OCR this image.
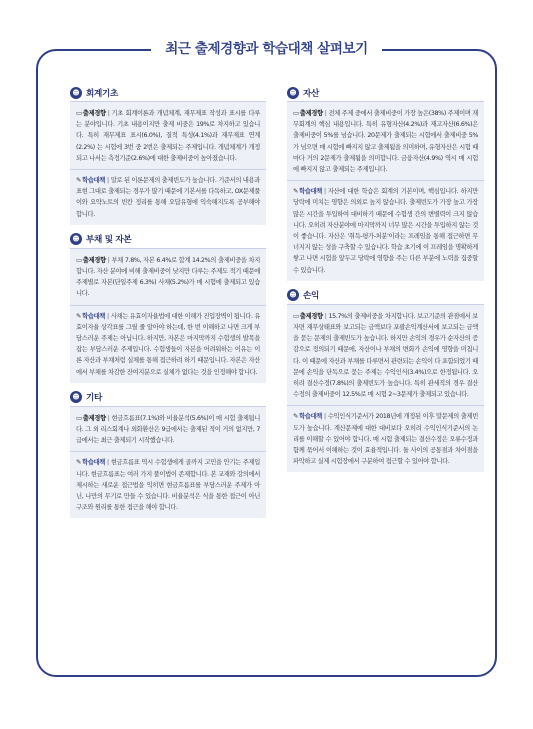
최근 출제경향과 학습대책 살펴보기
☻ 회계기초

▭출제경향 | 기초 회계이론과 개념체계, 재무제표 작성과 표시를 다루는 분야입니다. 기초 내용이지만 출제 비중은 19%로 차지하고 있습니다. 특히 재무제표 표시(6.0%), 질적 특성(4.1%)과 재무제표 연계(2.2%) 는 시험에 3번 중 2번은 출제되는 주제입니다. 개념체계가 개정되고 나서는 측정기준(2.6%)에 대한 출제비중이 높아졌습니다.

✎학습대책 | 말로 된 이론문제의 출제빈도가 높습니다. 기준서의 내용과 표현 그대로 출제되는 경우가 많기 때문에 기본서를 다독하고, OX문제풀이와 요약노트의 빈칸 정리를 통해 오답유형에 익숙해지도록 공부해야 합니다.

☻ 부채 및 자본

▭출제경향 | 부채 7.8%, 자본 6.4%로 합계 14.2%의 출제비중을 차지합니다. 자산 분야에 비해 출제비중이 낮지만 다루는 주제도 적기 때문에 주제별로 자본(단일주제 6.3%) 사채(5.2%)가 매 시험에 출제되고 있습니다.

✎학습대책 | 사채는 유효이자율법에 대한 이해가 진입장벽이 됩니다. 유효이자율 상각표를 그릴 줄 알아야 하는데, 한 번 이해하고 나면 크게 부담스러운 주제는 아닙니다. 하지만, 자본은 마지막까지 수험생의 발목을 잡는 부담스러운 주제입니다. 수험생들이 자본을 어려워하는 이유는 이론 자산과 부채처럼 실체를 통해 접근하려 하기 때문입니다. 자본은 자산에서 부채를 차감한 잔여지분으로 실체가 없다는 것을 인정해야 합니다.

☻ 기타

▭출제경향 | 현금흐름표(7.1%)와 비율분석(5.6%)이 매 시험 출제됩니다. 그 외 리스회계나 외화환산은 9급에서는 출제된 적이 거의 없지만, 7급에서는 최근 출제되기 시작했습니다.

✎학습대책 | 현금흐름표 역시 수험생에게 골까지 고민을 안기는 주제입니다. 현금흐름표는 여러 가지 풀이법이 존재합니다. 본 교재와 강의에서 제시하는 새로운 접근법을 익히면 현금흐름표를 부담스러운 주제가 아닌, 나만의 무기로 만들 수 있습니다. 비율분석은 식을 통한 접근이 아닌 구조와 원리를 통한 접근을 해야 합니다.

☻ 자산

▭출제경향 | 전체 주제 중에서 출제비중이 가장 높은(38%) 주제이며 재무회계의 핵심 내용입니다. 특히 유형자산(4.2%)과 재고자산(6.6%)은 출제비중이 5%를 넘습니다. 20문제가 출제되는 시험에서 출제비중 5%가 넘으면 매 시험에 빠지지 않고 출제됨을 의미하며, 유형자산은 시험 때마다 거의 2문제가 출제됨을 의미합니다. 금융자산(4.9%) 역시 매 시험에 빠지지 않고 출제되는 주제입니다.

✎학습대책 | 자산에 대한 학습은 회계의 기본이며, 핵심입니다. 하지만 당락에 미치는 영향은 의외로 높지 않습니다. 출제빈도가 가장 높고 가장 많은 시간을 투입하여 대비하기 때문에 수험생 간의 변별력이 크지 않습니다. 오히려 자산분야에 마지막까지 너무 많은 시간을 투입하지 않는 것이 좋습니다. 자산은 '취득-평가-처분'이라는 프레임을 통해 접근하면 무너지지 않는 성을 구축할 수 있습니다. 학습 초기에 이 프레임을 명확하게 쌓고 나면 시험을 앞두고 당락에 영향을 주는 다른 부분에 노력을 집중할 수 있습니다.

☻ 손익

▭출제경향 | 15.7%의 출제비중을 차지합니다. 보고기준의 관점에서 보자면 재무상태표와 보고되는 금액보다 포괄손익계산서에 보고되는 금액을 묻는 문제의 출제빈도가 높습니다. 하지만 손익의 경우가 순자산의 증감으로 정의되기 때문에, 자산이나 부채의 변화가 손익에 영향을 미칩니다. 이 때문에 자산과 부채를 다루면서 관련되는 손익이 다 포함되었기 때문에 손익을 단독으로 묻는 주제는 수익인식(3.4%)으로 한정됩니다. 오히려 결산수정(7.8%)의 출제빈도가 높습니다. 특히 관세직의 경우 결산수정의 출제비중이 12.5%로 매 시험 2~3문제가 출제되고 있습니다.

✎학습대책 | 수익인식기준서가 2018년에 개정된 이후 말문제의 출제빈도가 높습니다. 계산문제에 대한 대비보다 오히려 수익인식기준서의 논리를 이해할 수 있어야 합니다. 매 시험 출제되는 결산수정은 오류수정과 함께 묶어서 이해하는 것이 효율적입니다. 둘 사이의 공통점과 차이점을 파악하고 실제 시험장에서 구분하여 접근할 수 있어야 합니다.
